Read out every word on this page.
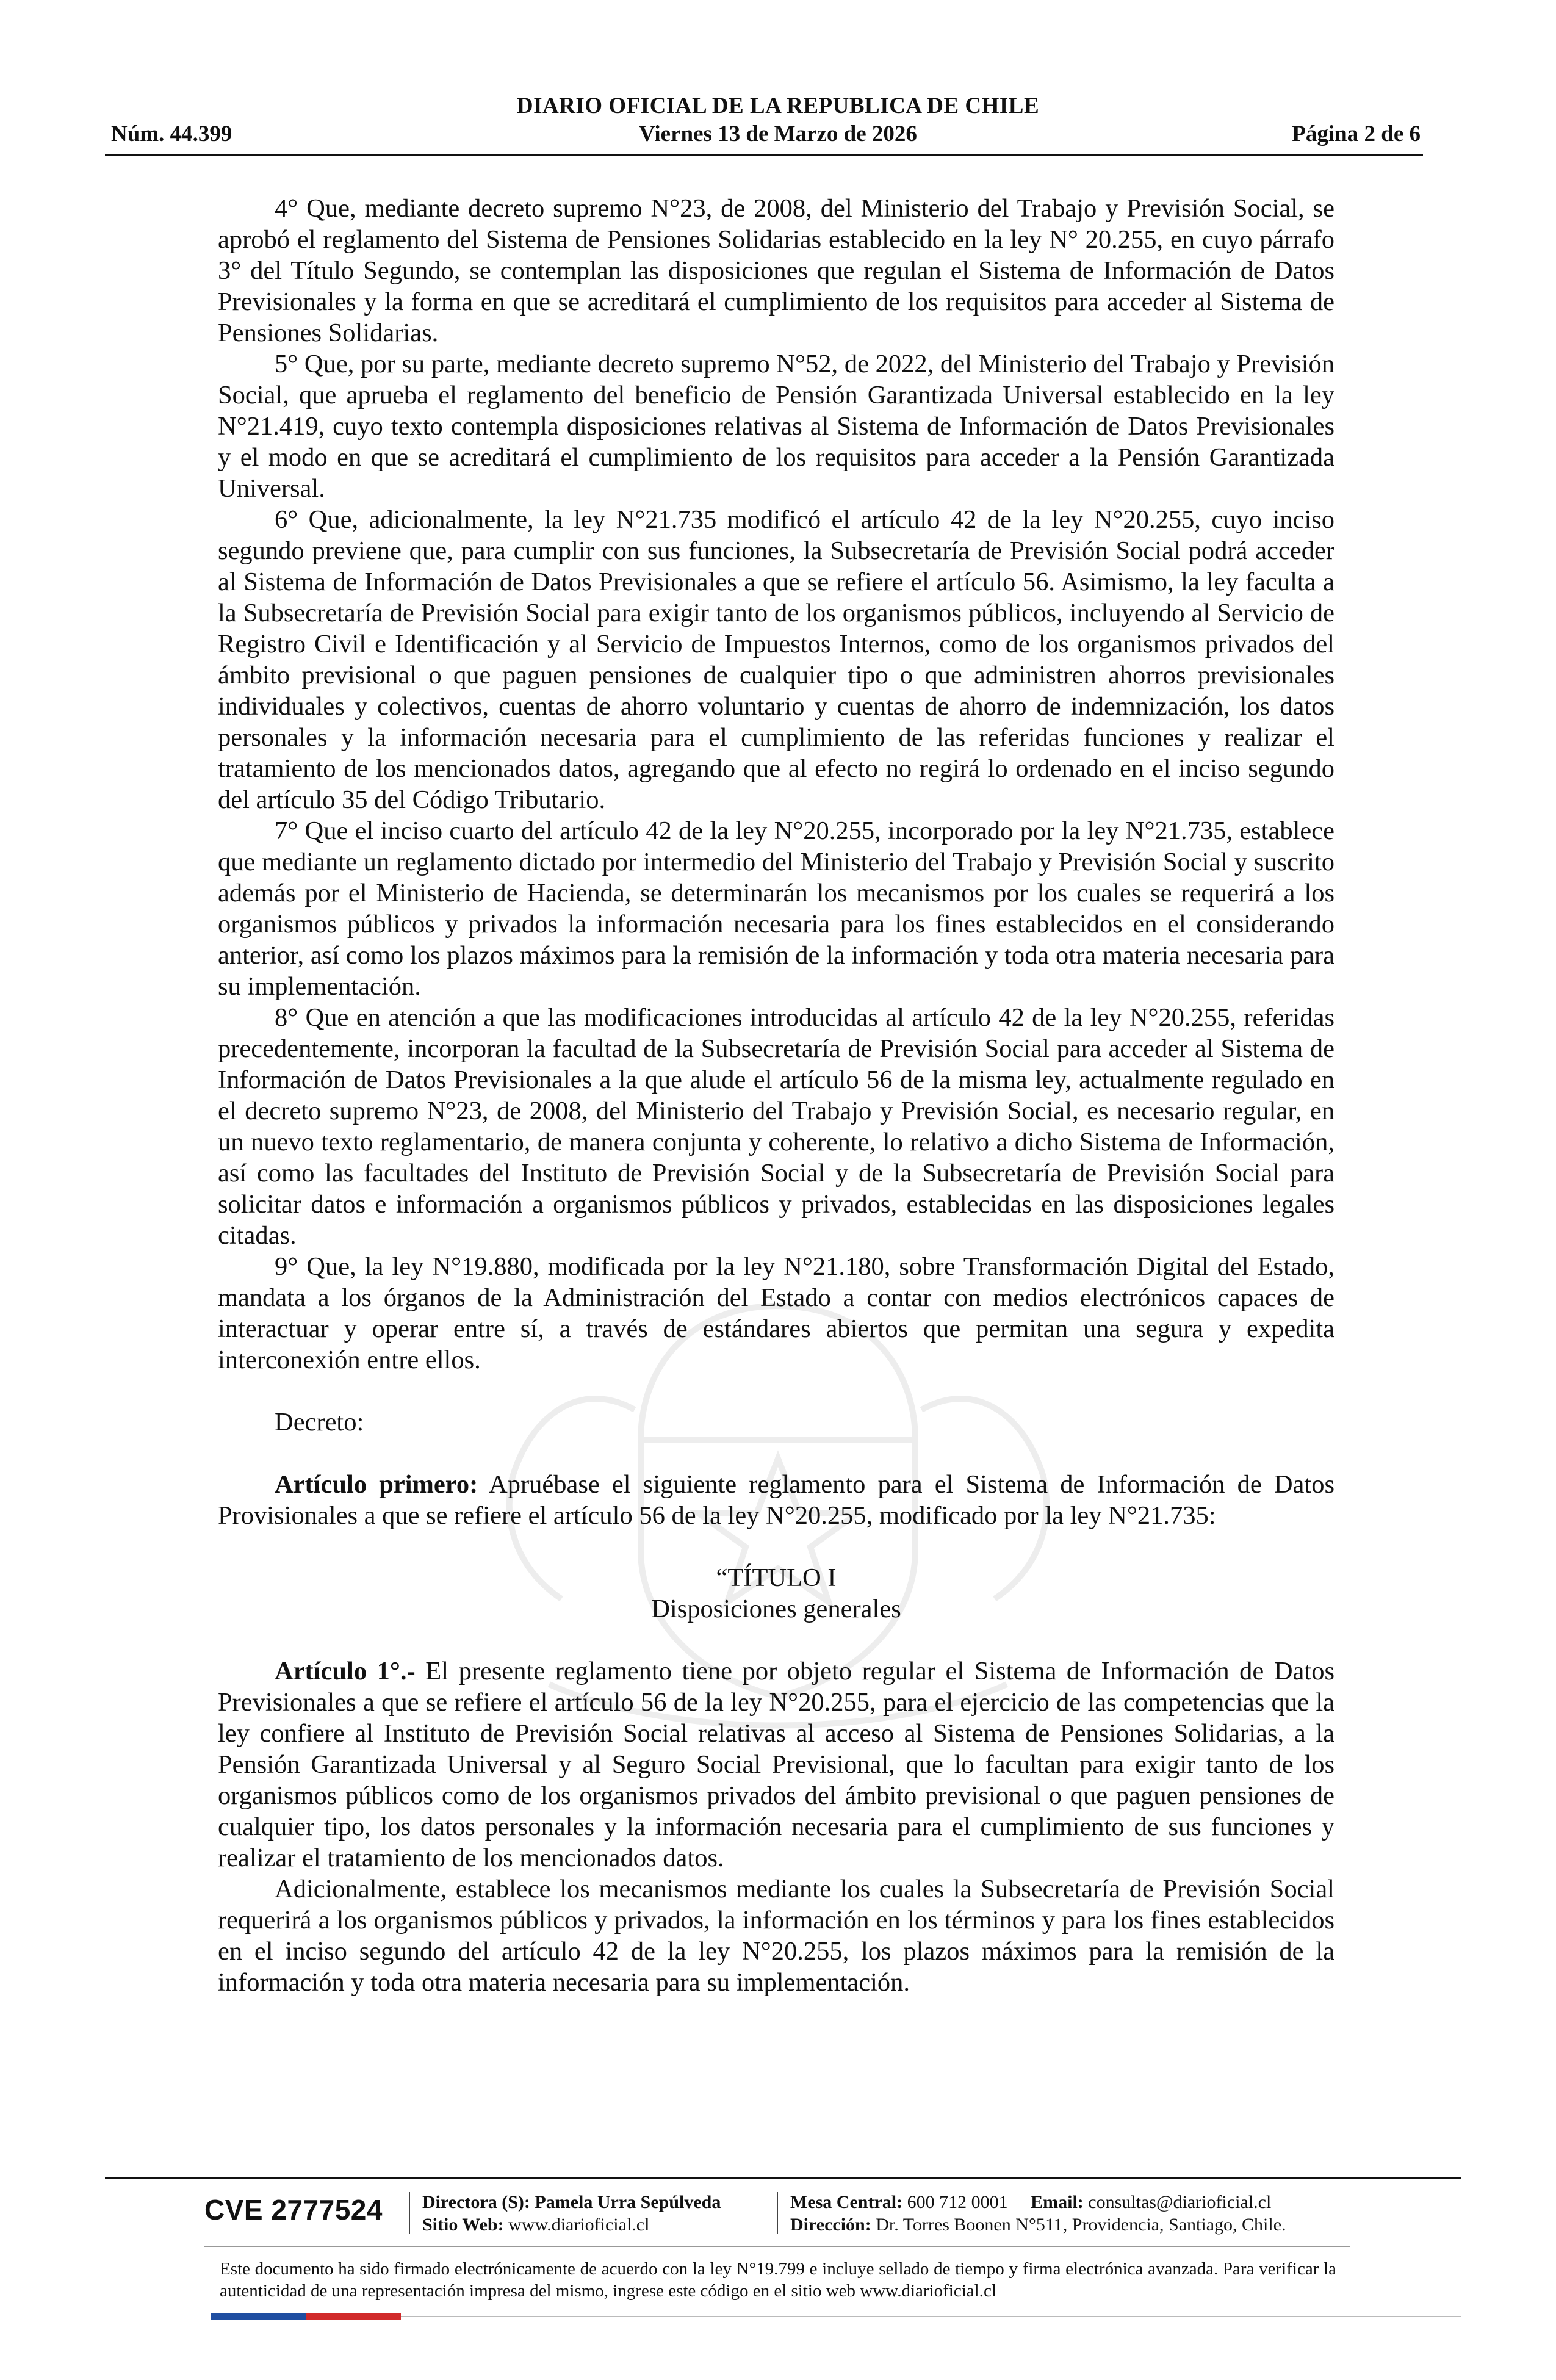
DIARIO OFICIAL DE LA REPUBLICA DE CHILE
Núm. 44.399	Viernes 13 de Marzo de 2026	Página 2 de 6

4° Que, mediante decreto supremo N°23, de 2008, del Ministerio del Trabajo y Previsión Social, se aprobó el reglamento del Sistema de Pensiones Solidarias establecido en la ley N° 20.255, en cuyo párrafo 3° del Título Segundo, se contemplan las disposiciones que regulan el Sistema de Información de Datos Previsionales y la forma en que se acreditará el cumplimiento de los requisitos para acceder al Sistema de Pensiones Solidarias.

5° Que, por su parte, mediante decreto supremo N°52, de 2022, del Ministerio del Trabajo y Previsión Social, que aprueba el reglamento del beneficio de Pensión Garantizada Universal establecido en la ley N°21.419, cuyo texto contempla disposiciones relativas al Sistema de Información de Datos Previsionales y el modo en que se acreditará el cumplimiento de los requisitos para acceder a la Pensión Garantizada Universal.

6° Que, adicionalmente, la ley N°21.735 modificó el artículo 42 de la ley N°20.255, cuyo inciso segundo previene que, para cumplir con sus funciones, la Subsecretaría de Previsión Social podrá acceder al Sistema de Información de Datos Previsionales a que se refiere el artículo 56. Asimismo, la ley faculta a la Subsecretaría de Previsión Social para exigir tanto de los organismos públicos, incluyendo al Servicio de Registro Civil e Identificación y al Servicio de Impuestos Internos, como de los organismos privados del ámbito previsional o que paguen pensiones de cualquier tipo o que administren ahorros previsionales individuales y colectivos, cuentas de ahorro voluntario y cuentas de ahorro de indemnización, los datos personales y la información necesaria para el cumplimiento de las referidas funciones y realizar el tratamiento de los mencionados datos, agregando que al efecto no regirá lo ordenado en el inciso segundo del artículo 35 del Código Tributario.

7° Que el inciso cuarto del artículo 42 de la ley N°20.255, incorporado por la ley N°21.735, establece que mediante un reglamento dictado por intermedio del Ministerio del Trabajo y Previsión Social y suscrito además por el Ministerio de Hacienda, se determinarán los mecanismos por los cuales se requerirá a los organismos públicos y privados la información necesaria para los fines establecidos en el considerando anterior, así como los plazos máximos para la remisión de la información y toda otra materia necesaria para su implementación.

8° Que en atención a que las modificaciones introducidas al artículo 42 de la ley N°20.255, referidas precedentemente, incorporan la facultad de la Subsecretaría de Previsión Social para acceder al Sistema de Información de Datos Previsionales a la que alude el artículo 56 de la misma ley, actualmente regulado en el decreto supremo N°23, de 2008, del Ministerio del Trabajo y Previsión Social, es necesario regular, en un nuevo texto reglamentario, de manera conjunta y coherente, lo relativo a dicho Sistema de Información, así como las facultades del Instituto de Previsión Social y de la Subsecretaría de Previsión Social para solicitar datos e información a organismos públicos y privados, establecidas en las disposiciones legales citadas.

9° Que, la ley N°19.880, modificada por la ley N°21.180, sobre Transformación Digital del Estado, mandata a los órganos de la Administración del Estado a contar con medios electrónicos capaces de interactuar y operar entre sí, a través de estándares abiertos que permitan una segura y expedita interconexión entre ellos.

Decreto:

Artículo primero: Apruébase el siguiente reglamento para el Sistema de Información de Datos Provisionales a que se refiere el artículo 56 de la ley N°20.255, modificado por la ley N°21.735:

“TÍTULO I

Disposiciones generales

Artículo 1°.- El presente reglamento tiene por objeto regular el Sistema de Información de Datos Previsionales a que se refiere el artículo 56 de la ley N°20.255, para el ejercicio de las competencias que la ley confiere al Instituto de Previsión Social relativas al acceso al Sistema de Pensiones Solidarias, a la Pensión Garantizada Universal y al Seguro Social Previsional, que lo facultan para exigir tanto de los organismos públicos como de los organismos privados del ámbito previsional o que paguen pensiones de cualquier tipo, los datos personales y la información necesaria para el cumplimiento de sus funciones y realizar el tratamiento de los mencionados datos.

Adicionalmente, establece los mecanismos mediante los cuales la Subsecretaría de Previsión Social requerirá a los organismos públicos y privados, la información en los términos y para los fines establecidos en el inciso segundo del artículo 42 de la ley N°20.255, los plazos máximos para la remisión de la información y toda otra materia necesaria para su implementación.

CVE 2777524 Directora (S): Pamela Urra Sepúlveda
Sitio Web: www.diarioficial.cl
Mesa Central: 600 712 0001 Email: consultas@diarioficial.cl
Dirección: Dr. Torres Boonen N°511, Providencia, Santiago, Chile.
Este documento ha sido firmado electrónicamente de acuerdo con la ley N°19.799 e incluye sellado de tiempo y firma electrónica avanzada. Para verificar la autenticidad de una representación impresa del mismo, ingrese este código en el sitio web www.diarioficial.cl
